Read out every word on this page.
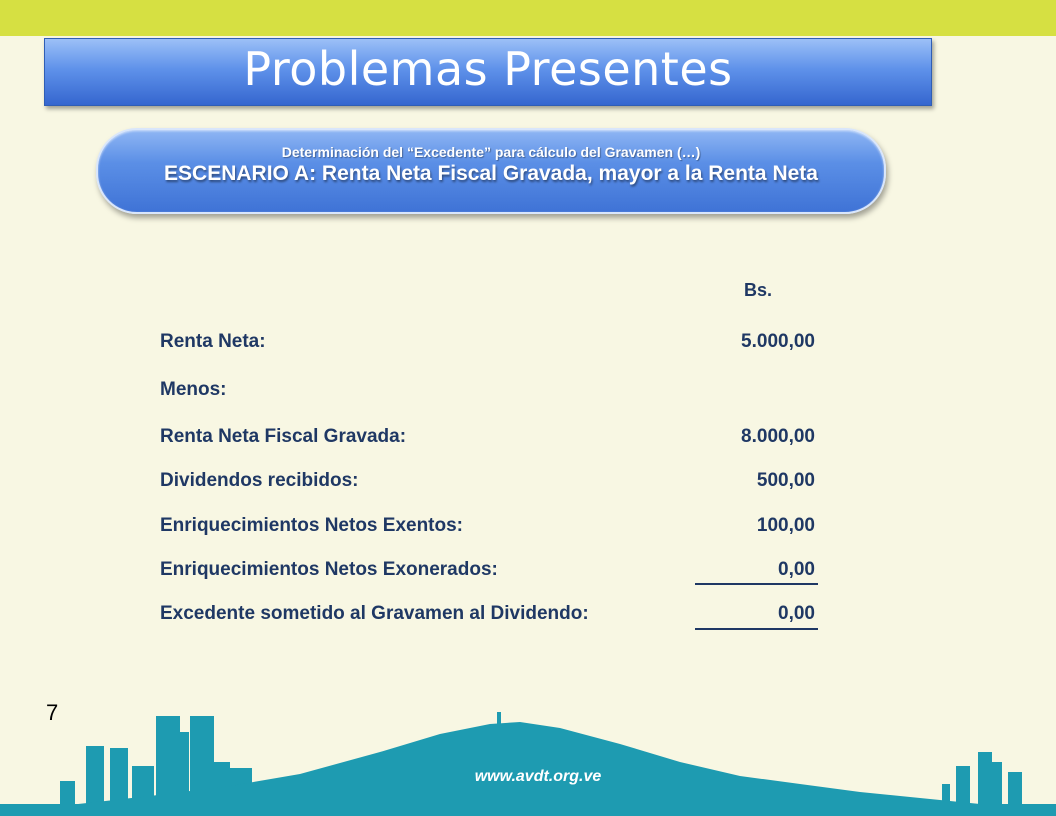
Problemas Presentes
Determinación del “Excedente” para cálculo del Gravamen (…)
ESCENARIO A: Renta Neta Fiscal Gravada, mayor a la Renta Neta
Bs.
Renta Neta:	5.000,00
Menos:
Renta Neta Fiscal Gravada:	8.000,00
Dividendos recibidos:	500,00
Enriquecimientos Netos Exentos:	100,00
Enriquecimientos Netos Exonerados:	0,00
Excedente sometido al Gravamen al Dividendo:	0,00
7
www.avdt.org.ve
